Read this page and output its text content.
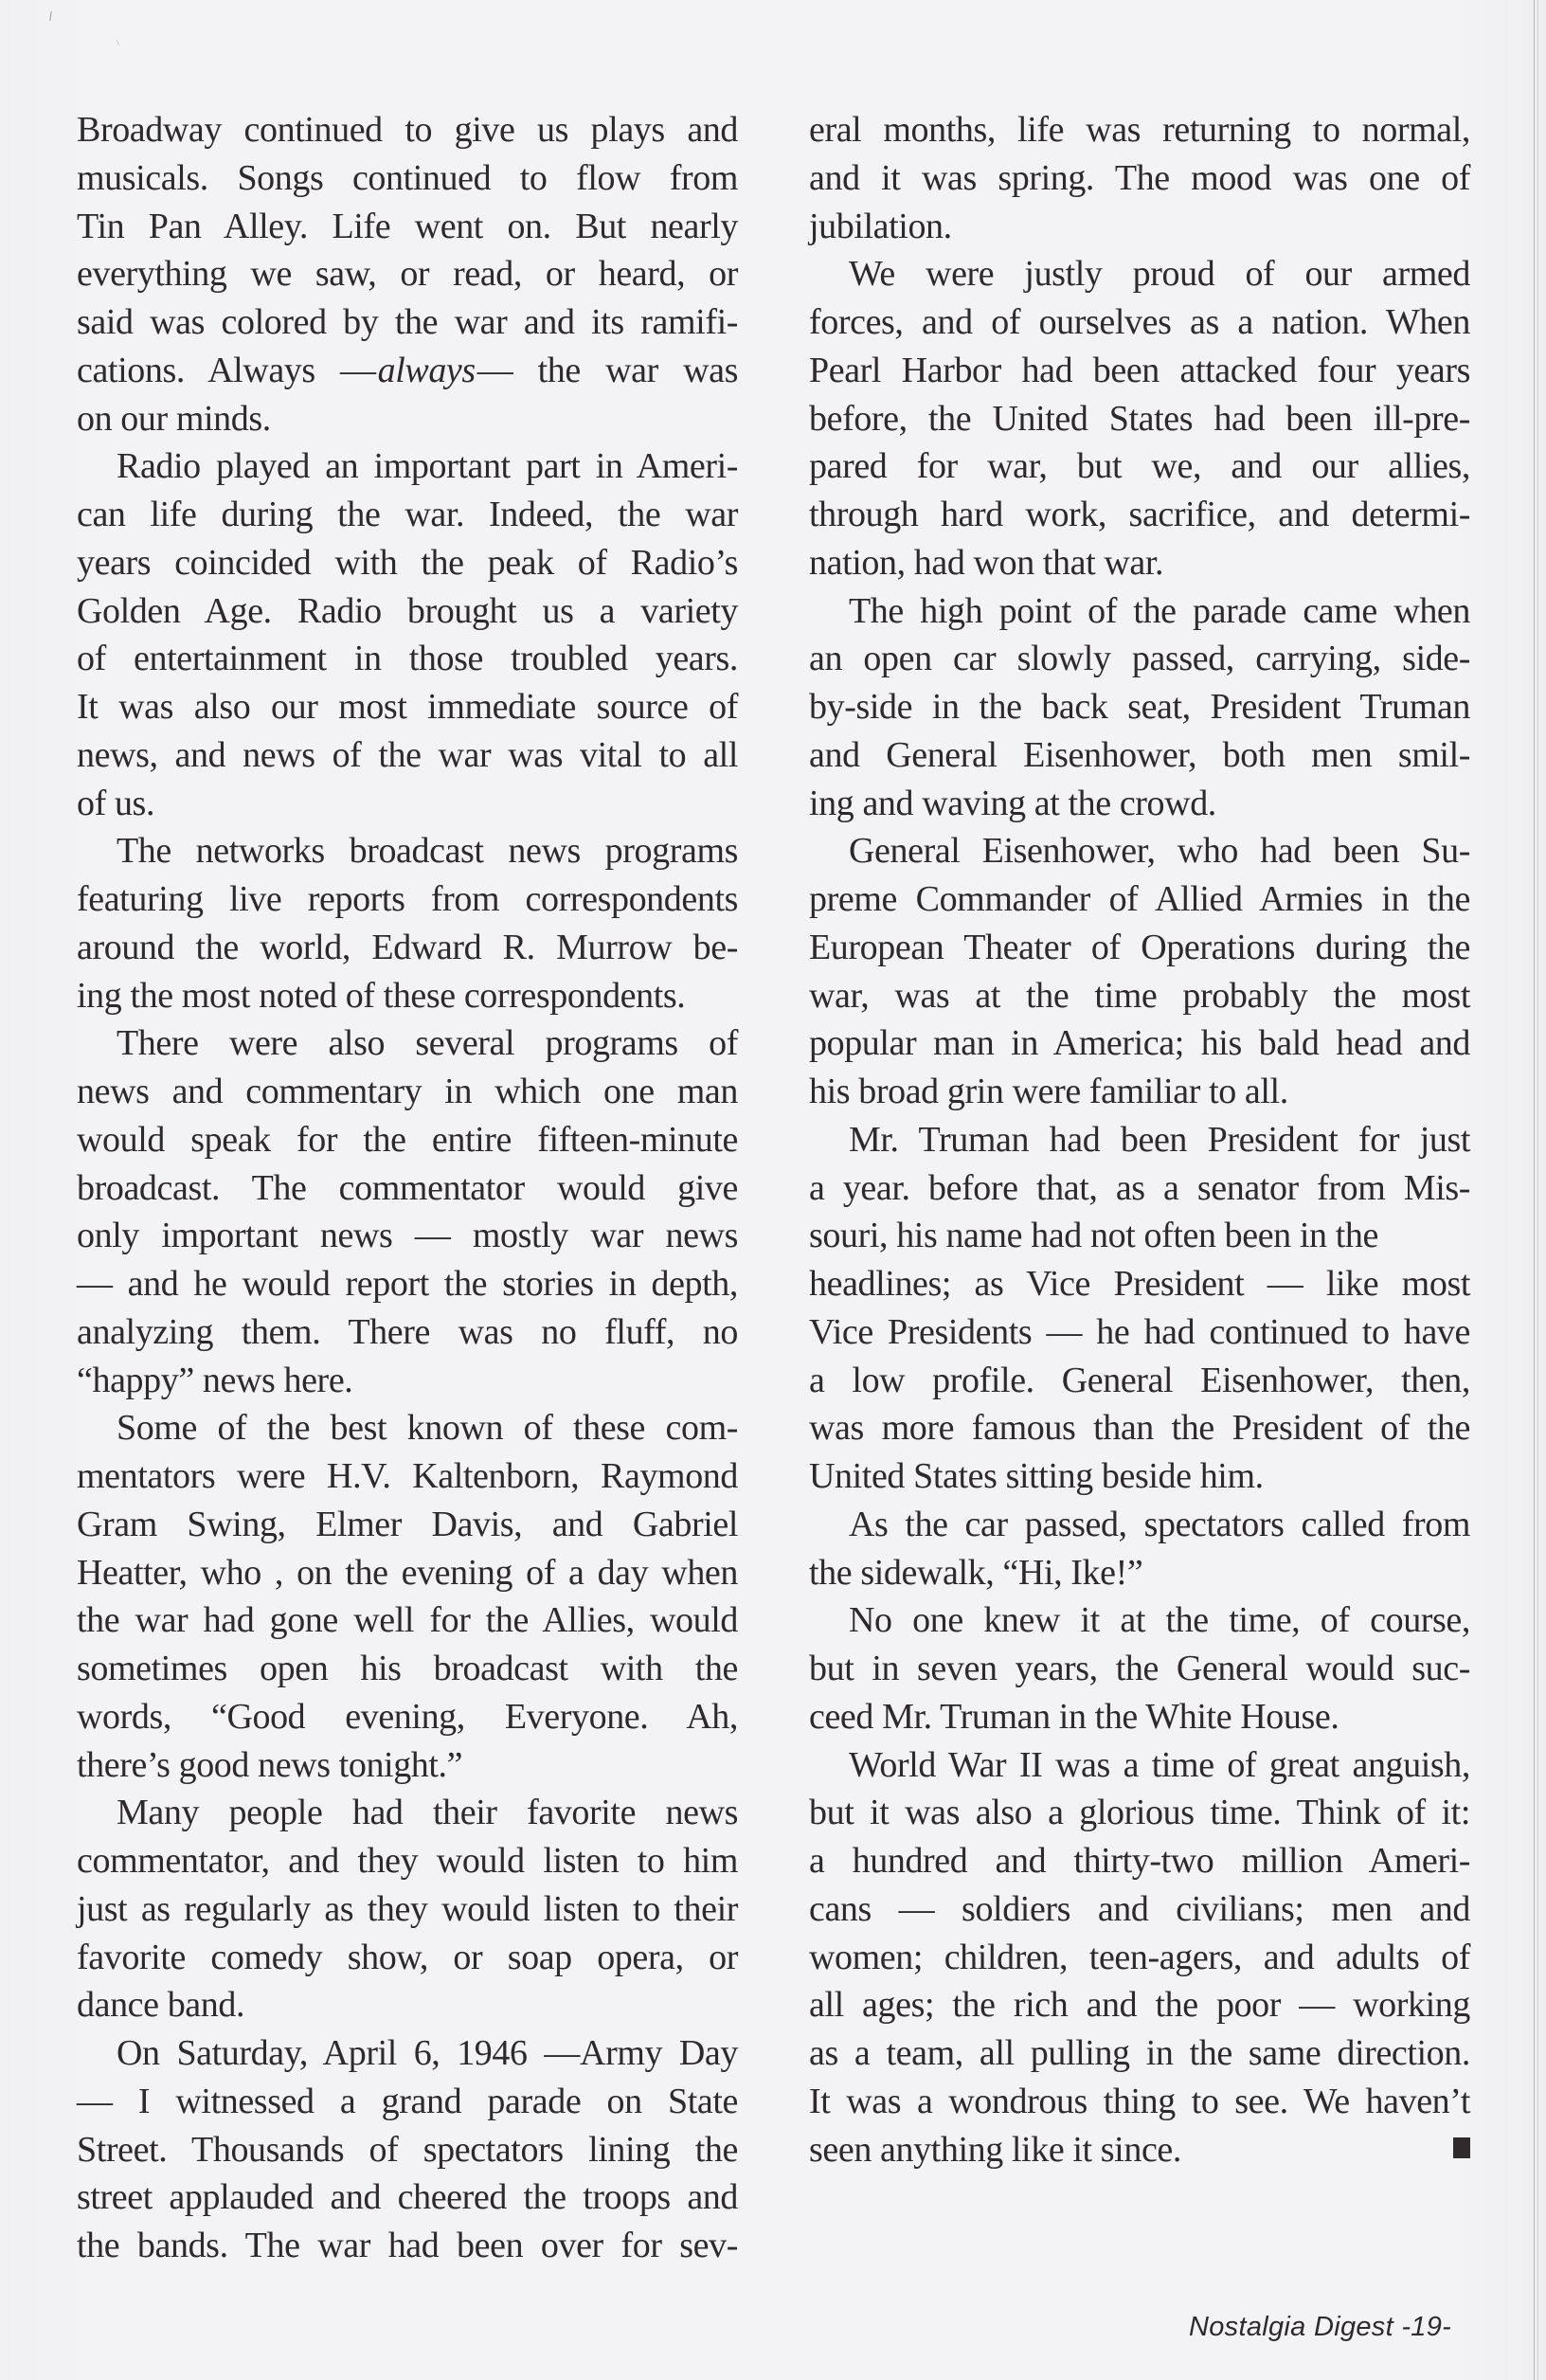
Broadway continued to give us plays and
musicals. Songs continued to flow from
Tin Pan Alley. Life went on. But nearly
everything we saw, or read, or heard, or
said was colored by the war and its ramifi-
cations. Always —always— the war was
on our minds.
Radio played an important part in Ameri-
can life during the war. Indeed, the war
years coincided with the peak of Radio’s
Golden Age. Radio brought us a variety
of entertainment in those troubled years.
It was also our most immediate source of
news, and news of the war was vital to all
of us.
The networks broadcast news programs
featuring live reports from correspondents
around the world, Edward R. Murrow be-
ing the most noted of these correspondents.
There were also several programs of
news and commentary in which one man
would speak for the entire fifteen-minute
broadcast. The commentator would give
only important news — mostly war news
— and he would report the stories in depth,
analyzing them. There was no fluff, no
“happy” news here.
Some of the best known of these com-
mentators were H.V. Kaltenborn, Raymond
Gram Swing, Elmer Davis, and Gabriel
Heatter, who , on the evening of a day when
the war had gone well for the Allies, would
sometimes open his broadcast with the
words, “Good evening, Everyone. Ah,
there’s good news tonight.”
Many people had their favorite news
commentator, and they would listen to him
just as regularly as they would listen to their
favorite comedy show, or soap opera, or
dance band.
On Saturday, April 6, 1946 —Army Day
— I witnessed a grand parade on State
Street. Thousands of spectators lining the
street applauded and cheered the troops and
the bands. The war had been over for sev-
eral months, life was returning to normal,
and it was spring. The mood was one of
jubilation.
We were justly proud of our armed
forces, and of ourselves as a nation. When
Pearl Harbor had been attacked four years
before, the United States had been ill-pre-
pared for war, but we, and our allies,
through hard work, sacrifice, and determi-
nation, had won that war.
The high point of the parade came when
an open car slowly passed, carrying, side-
by-side in the back seat, President Truman
and General Eisenhower, both men smil-
ing and waving at the crowd.
General Eisenhower, who had been Su-
preme Commander of Allied Armies in the
European Theater of Operations during the
war, was at the time probably the most
popular man in America; his bald head and
his broad grin were familiar to all.
Mr. Truman had been President for just
a year. before that, as a senator from Mis-
souri, his name had not often been in the
headlines; as Vice President — like most
Vice Presidents — he had continued to have
a low profile. General Eisenhower, then,
was more famous than the President of the
United States sitting beside him.
As the car passed, spectators called from
the sidewalk, “Hi, Ike!”
No one knew it at the time, of course,
but in seven years, the General would suc-
ceed Mr. Truman in the White House.
World War II was a time of great anguish,
but it was also a glorious time. Think of it:
a hundred and thirty-two million Ameri-
cans — soldiers and civilians; men and
women; children, teen-agers, and adults of
all ages; the rich and the poor — working
as a team, all pulling in the same direction.
It was a wondrous thing to see. We haven’t
seen anything like it since.
Nostalgia Digest -19-
